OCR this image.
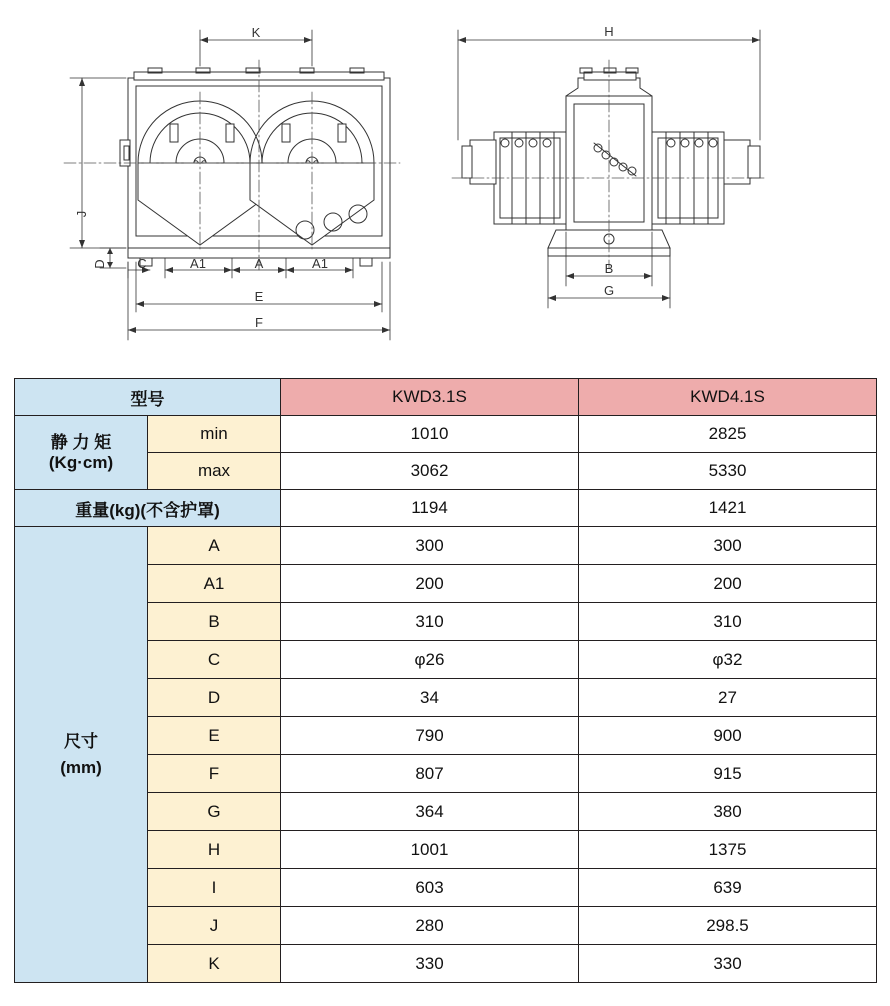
K
J
D C	A1	A	A1
E
F
H
B
G
型号		KWD3.1S	KWD4.1S

静 力 矩
(Kg·cm)	min	1010	2825
	max	3062	5330
重量(kg)(不含护罩)		1194	1421

尺寸
(mm)	A	300	300
	A1	200	200
	B	310	310
	C	φ26	φ32
	D	34	27
	E	790	900
	F	807	915
	G	364	380
	H	1001	1375
	I	603	639
	J	280	298.5
	K	330	330
